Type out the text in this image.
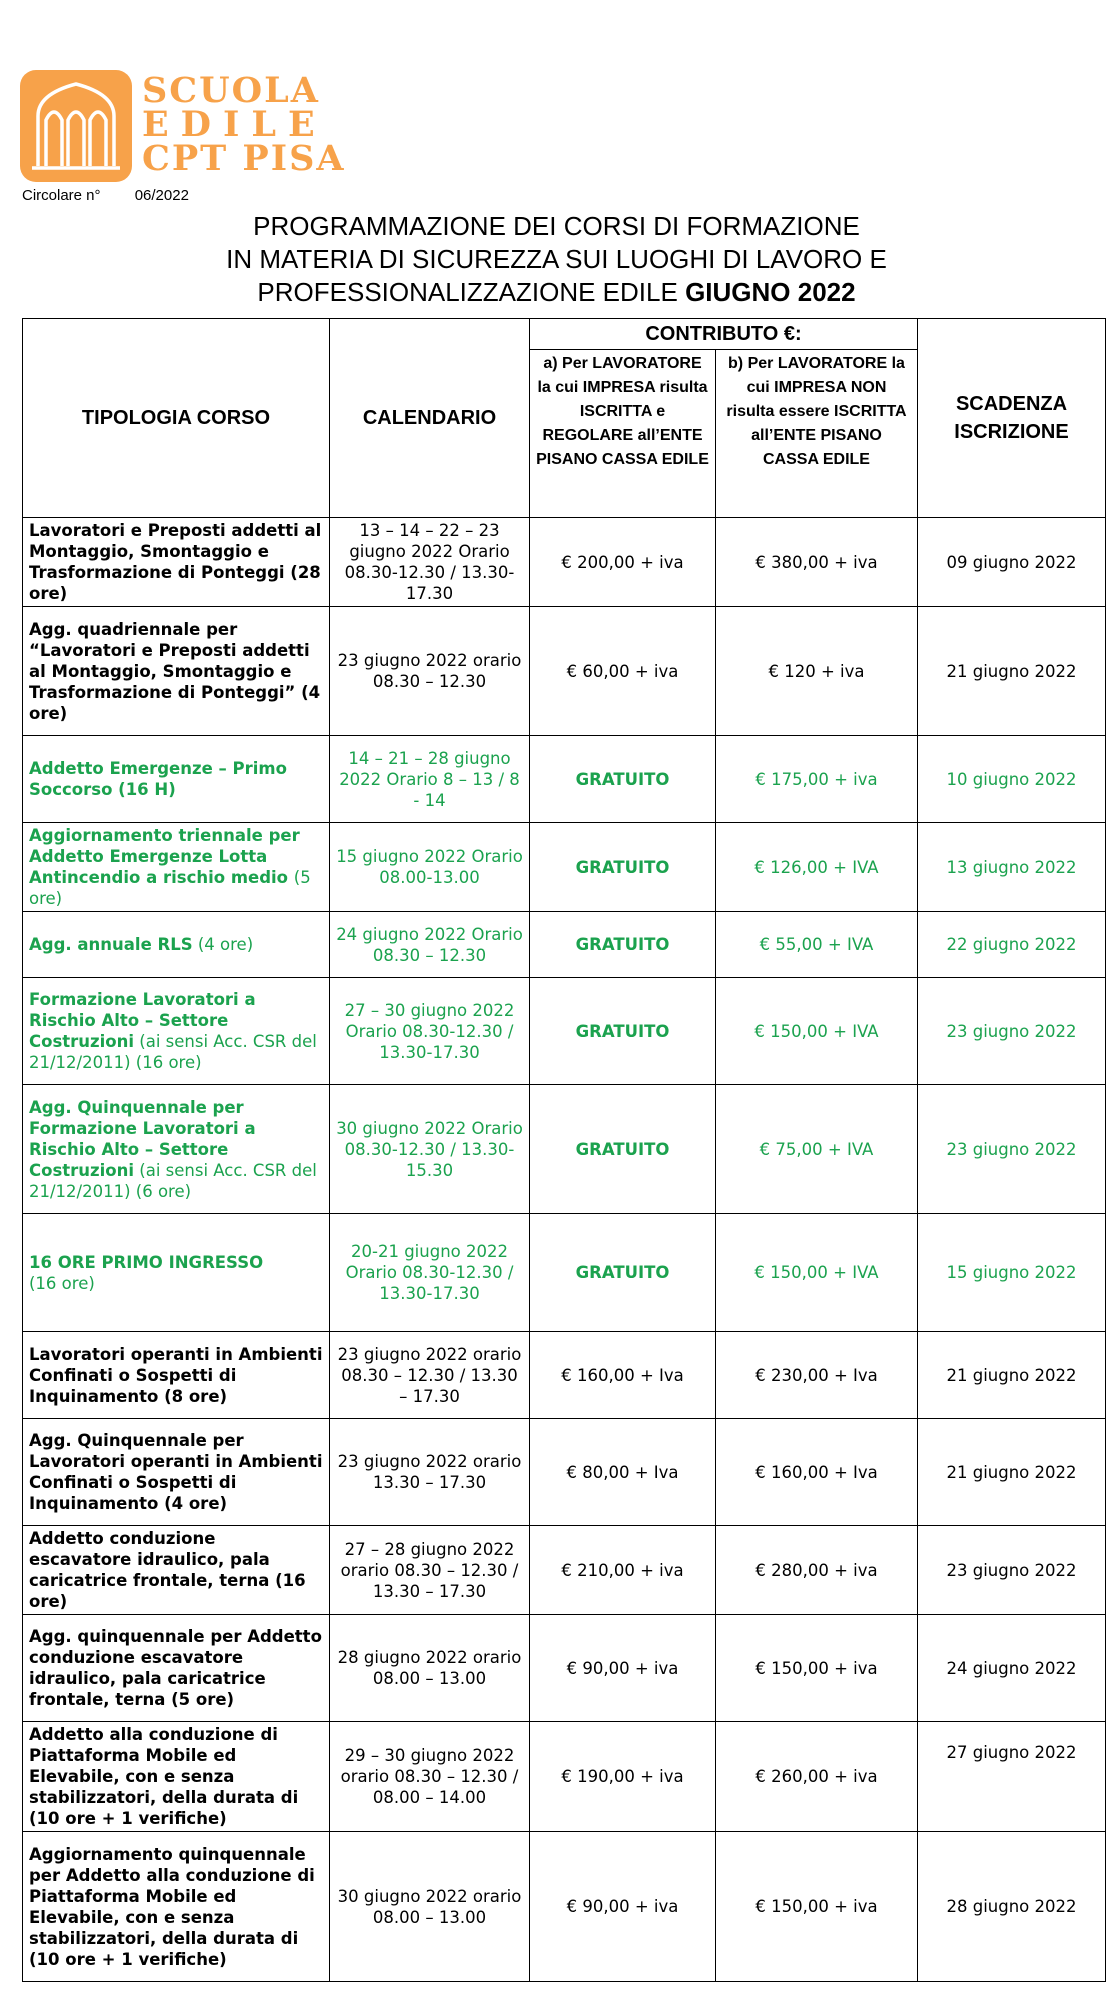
SCUOLA
EDILE
CPT PISA
Circolare n° 06/2022
PROGRAMMAZIONE DEI CORSI DI FORMAZIONE
IN MATERIA DI SICUREZZA SUI LUOGHI DI LAVORO E
PROFESSIONALIZZAZIONE EDILE GIUGNO 2022
TIPOLOGIA CORSO	CALENDARIO	CONTRIBUTO €:		SCADENZA ISCRIZIONE
		a) Per LAVORATORE la cui IMPRESA risulta ISCRITTA e REGOLARE all’ENTE PISANO CASSA EDILE	b) Per LAVORATORE la cui IMPRESA NON risulta essere ISCRITTA all’ENTE PISANO CASSA EDILE	
Lavoratori e Preposti addetti al Montaggio, Smontaggio e Trasformazione di Ponteggi (28 ore)	13 – 14 – 22 – 23 giugno 2022 Orario 08.30-12.30 / 13.30-17.30	€ 200,00 + iva	€ 380,00 + iva	09 giugno 2022
Agg. quadriennale per “Lavoratori e Preposti addetti al Montaggio, Smontaggio e Trasformazione di Ponteggi” (4 ore)	23 giugno 2022 orario 08.30 – 12.30	€ 60,00 + iva	€ 120 + iva	21 giugno 2022
Addetto Emergenze – Primo Soccorso (16 H)	14 – 21 – 28 giugno 2022 Orario 8 – 13 / 8 - 14	GRATUITO	€ 175,00 + iva	10 giugno 2022
Aggiornamento triennale per Addetto Emergenze Lotta Antincendio a rischio medio (5 ore)	15 giugno 2022 Orario 08.00-13.00	GRATUITO	€ 126,00 + IVA	13 giugno 2022
Agg. annuale RLS (4 ore)	24 giugno 2022 Orario 08.30 – 12.30	GRATUITO	€ 55,00 + IVA	22 giugno 2022
Formazione Lavoratori a Rischio Alto – Settore Costruzioni (ai sensi Acc. CSR del 21/12/2011) (16 ore)	27 – 30 giugno 2022 Orario 08.30-12.30 / 13.30-17.30	GRATUITO	€ 150,00 + IVA	23 giugno 2022
Agg. Quinquennale per Formazione Lavoratori a Rischio Alto – Settore Costruzioni (ai sensi Acc. CSR del 21/12/2011) (6 ore)	30 giugno 2022 Orario 08.30-12.30 / 13.30-15.30	GRATUITO	€ 75,00 + IVA	23 giugno 2022
16 ORE PRIMO INGRESSO
(16 ore)	20-21 giugno 2022 Orario 08.30-12.30 / 13.30-17.30	GRATUITO	€ 150,00 + IVA	15 giugno 2022
Lavoratori operanti in Ambienti Confinati o Sospetti di Inquinamento (8 ore)	23 giugno 2022 orario 08.30 – 12.30 / 13.30 – 17.30	€ 160,00 + Iva	€ 230,00 + Iva	21 giugno 2022
Agg. Quinquennale per Lavoratori operanti in Ambienti Confinati o Sospetti di Inquinamento (4 ore)	23 giugno 2022 orario 13.30 – 17.30	€ 80,00 + Iva	€ 160,00 + Iva	21 giugno 2022
Addetto conduzione escavatore idraulico, pala caricatrice frontale, terna (16 ore)	27 – 28 giugno 2022 orario 08.30 – 12.30 / 13.30 – 17.30	€ 210,00 + iva	€ 280,00 + iva	23 giugno 2022
Agg. quinquennale per Addetto conduzione escavatore idraulico, pala caricatrice frontale, terna (5 ore)	28 giugno 2022 orario 08.00 – 13.00	€ 90,00 + iva	€ 150,00 + iva	24 giugno 2022
Addetto alla conduzione di Piattaforma Mobile ed Elevabile, con e senza stabilizzatori, della durata di (10 ore + 1 verifiche)	29 – 30 giugno 2022 orario 08.30 – 12.30 / 08.00 – 14.00	€ 190,00 + iva	€ 260,00 + iva	27 giugno 2022
Aggiornamento quinquennale per Addetto alla conduzione di Piattaforma Mobile ed Elevabile, con e senza stabilizzatori, della durata di (10 ore + 1 verifiche)	30 giugno 2022 orario 08.00 – 13.00	€ 90,00 + iva	€ 150,00 + iva	28 giugno 2022
